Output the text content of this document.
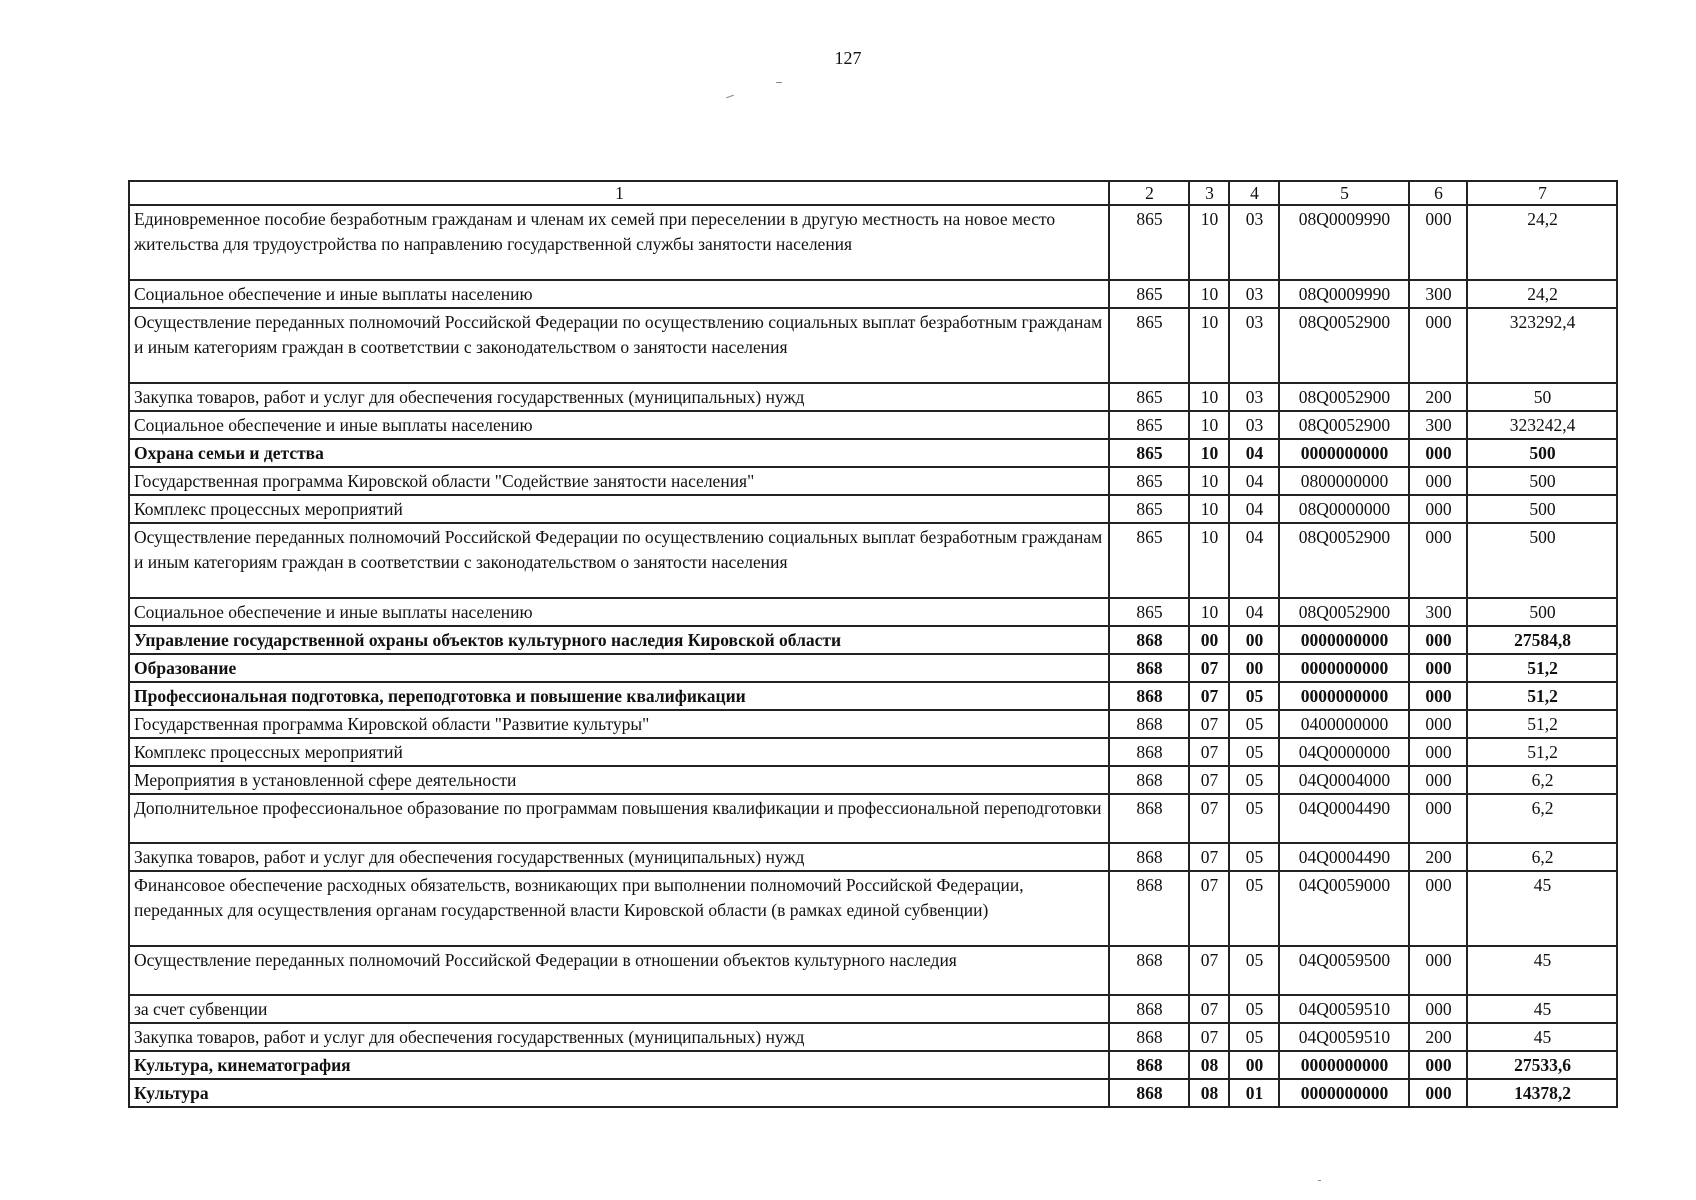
127
1	2	3	4	5	6	7
Единовременное пособие безработным гражданам и членам их семей при переселении в другую местность на новое место жительства для трудоустройства по направлению государственной службы занятости населения	865	10	03	08Q0009990	000	24,2
Социальное обеспечение и иные выплаты населению	865	10	03	08Q0009990	300	24,2
Осуществление переданных полномочий Российской Федерации по осуществлению социальных выплат безработным гражданам и иным категориям граждан в соответствии с законодательством о занятости населения	865	10	03	08Q0052900	000	323292,4
Закупка товаров, работ и услуг для обеспечения государственных (муниципальных) нужд	865	10	03	08Q0052900	200	50
Социальное обеспечение и иные выплаты населению	865	10	03	08Q0052900	300	323242,4
Охрана семьи и детства	865	10	04	0000000000	000	500
Государственная программа Кировской области "Содействие занятости населения"	865	10	04	0800000000	000	500
Комплекс процессных мероприятий	865	10	04	08Q0000000	000	500
Осуществление переданных полномочий Российской Федерации по осуществлению социальных выплат безработным гражданам и иным категориям граждан в соответствии с законодательством о занятости населения	865	10	04	08Q0052900	000	500
Социальное обеспечение и иные выплаты населению	865	10	04	08Q0052900	300	500
Управление государственной охраны объектов культурного наследия Кировской области	868	00	00	0000000000	000	27584,8
Образование	868	07	00	0000000000	000	51,2
Профессиональная подготовка, переподготовка и повышение квалификации	868	07	05	0000000000	000	51,2
Государственная программа Кировской области "Развитие культуры"	868	07	05	0400000000	000	51,2
Комплекс процессных мероприятий	868	07	05	04Q0000000	000	51,2
Мероприятия в установленной сфере деятельности	868	07	05	04Q0004000	000	6,2
Дополнительное профессиональное образование по программам повышения квалификации и профессиональной переподготовки	868	07	05	04Q0004490	000	6,2
Закупка товаров, работ и услуг для обеспечения государственных (муниципальных) нужд	868	07	05	04Q0004490	200	6,2
Финансовое обеспечение расходных обязательств, возникающих при выполнении полномочий Российской Федерации, переданных для осуществления органам государственной власти Кировской области (в рамках единой субвенции)	868	07	05	04Q0059000	000	45
Осуществление переданных полномочий Российской Федерации в отношении объектов культурного наследия	868	07	05	04Q0059500	000	45
за счет субвенции	868	07	05	04Q0059510	000	45
Закупка товаров, работ и услуг для обеспечения государственных (муниципальных) нужд	868	07	05	04Q0059510	200	45
Культура, кинематография	868	08	00	0000000000	000	27533,6
Культура	868	08	01	0000000000	000	14378,2
